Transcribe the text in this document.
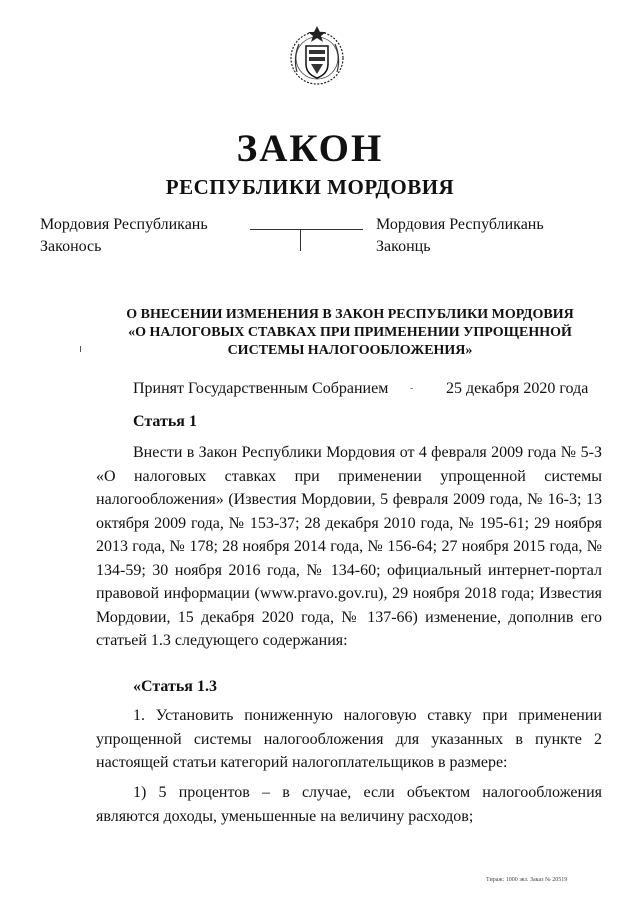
ЗАКОН
РЕСПУБЛИКИ МОРДОВИЯ
Мордовия Республикань
Законось
Мордовия Республикань
Законць
О ВНЕСЕНИИ ИЗМЕНЕНИЯ В ЗАКОН РЕСПУБЛИКИ МОРДОВИЯ
«О НАЛОГОВЫХ СТАВКАХ ПРИ ПРИМЕНЕНИИ УПРОЩЕННОЙ
СИСТЕМЫ НАЛОГООБЛОЖЕНИЯ»
Принят Государственным Собранием - 25 декабря 2020 года
Статья 1
Внести в Закон Республики Мордовия от 4 февраля 2009 года № 5-З «О налоговых ставках при применении упрощенной системы налогообложения» (Известия Мордовии, 5 февраля 2009 года, № 16-3; 13 октября 2009 года, № 153-37; 28 декабря 2010 года, № 195-61; 29 ноября 2013 года, № 178; 28 ноября 2014 года, № 156-64; 27 ноября 2015 года, № 134-59; 30 ноября 2016 года, № 134-60; официальный интернет-портал правовой информации (www.pravo.gov.ru), 29 ноября 2018 года; Известия Мордовии, 15 декабря 2020 года, № 137-66) изменение, дополнив его статьей 1.3 следующего содержания:
«Статья 1.3
1. Установить пониженную налоговую ставку при применении упрощенной системы налогообложения для указанных в пункте 2 настоящей статьи категорий налогоплательщиков в размере:
1) 5 процентов – в случае, если объектом налогообложения являются доходы, уменьшенные на величину расходов;
Тираж: 1000 экз. Заказ № 20519
